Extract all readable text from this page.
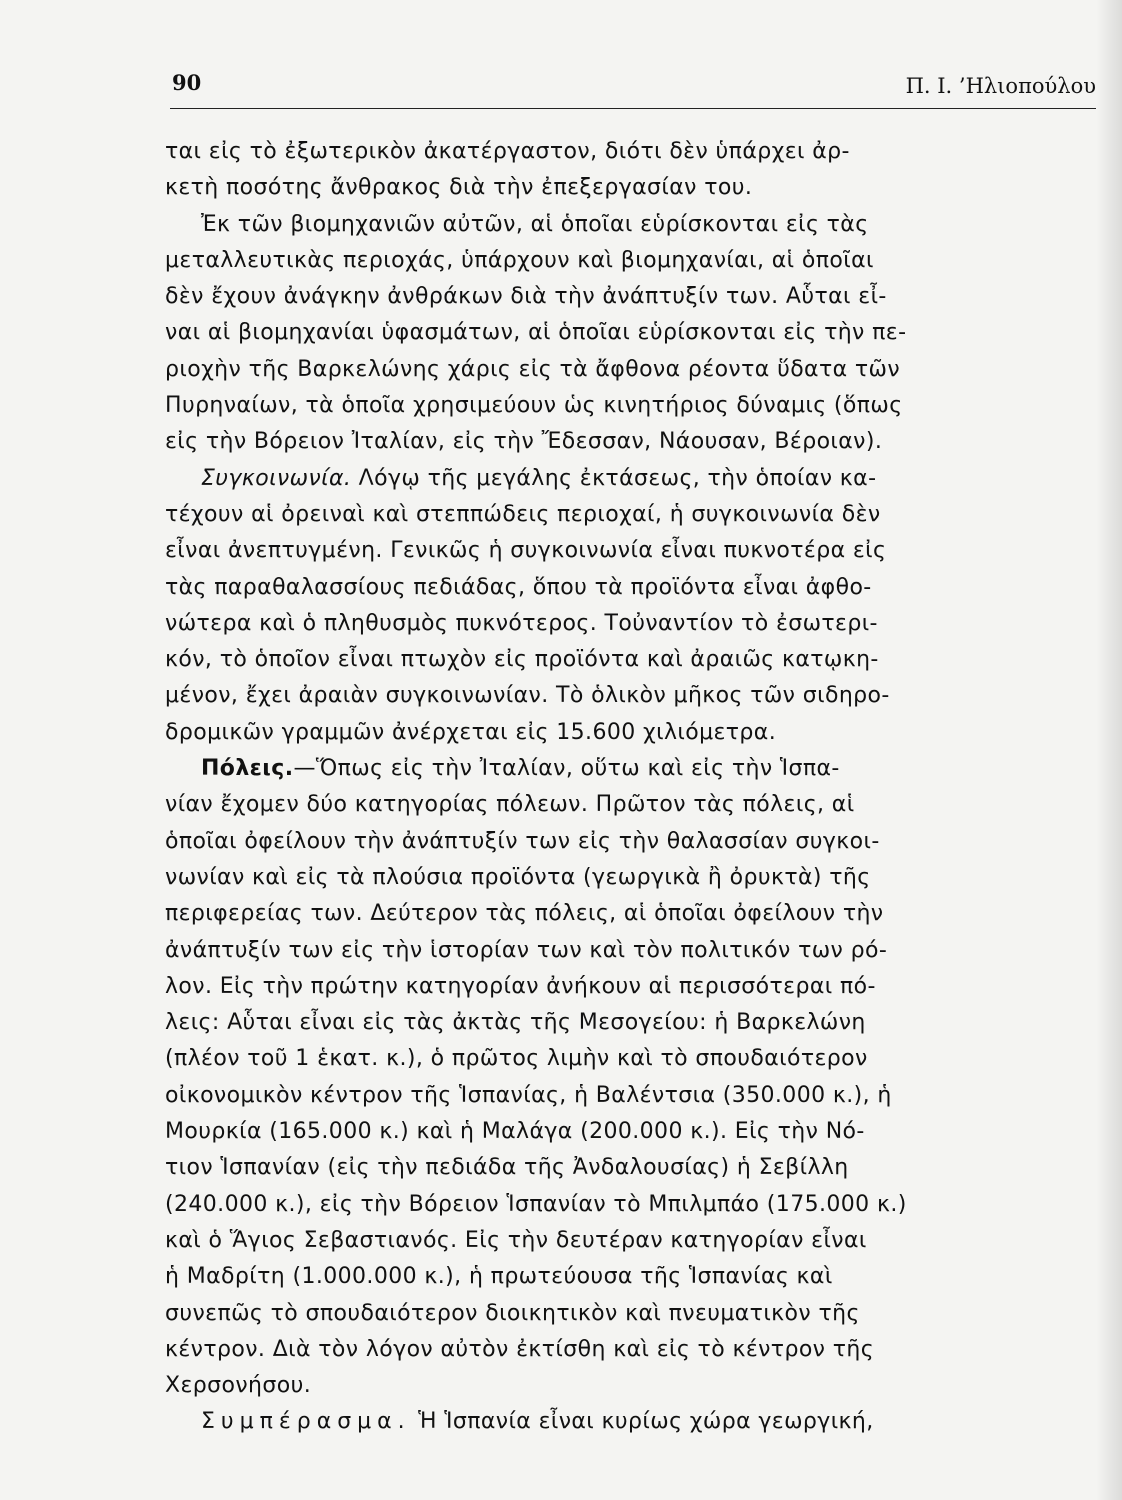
90	Π. Ι. ’Ηλιοπούλου
ται εἰς τὸ ἐξωτερικὸν ἀκατέργαστον, διότι δὲν ὑπάρχει ἀρ-
κετὴ ποσότης ἄνθρακος διὰ τὴν ἐπεξεργασίαν του.
Ἐκ τῶν βιομηχανιῶν αὐτῶν, αἱ ὁποῖαι εὑρίσκονται εἰς τὰς
μεταλλευτικὰς περιοχάς, ὑπάρχουν καὶ βιομηχανίαι, αἱ ὁποῖαι
δὲν ἔχουν ἀνάγκην ἀνθράκων διὰ τὴν ἀνάπτυξίν των. Αὗται εἶ-
ναι αἱ βιομηχανίαι ὑφασμάτων, αἱ ὁποῖαι εὑρίσκονται εἰς τὴν πε-
ριοχὴν τῆς Βαρκελώνης χάρις εἰς τὰ ἄφθονα ρέοντα ὕδατα τῶν
Πυρηναίων, τὰ ὁποῖα χρησιμεύουν ὡς κινητήριος δύναμις (ὅπως
εἰς τὴν Βόρειον Ἰταλίαν, εἰς τὴν Ἔδεσσαν, Νάουσαν, Βέροιαν).
Συγκοινωνία. Λόγῳ τῆς μεγάλης ἐκτάσεως, τὴν ὁποίαν κα-
τέχουν αἱ ὀρειναὶ καὶ στεππώδεις περιοχαί, ἡ συγκοινωνία δὲν
εἶναι ἀνεπτυγμένη. Γενικῶς ἡ συγκοινωνία εἶναι πυκνοτέρα εἰς
τὰς παραθαλασσίους πεδιάδας, ὅπου τὰ προϊόντα εἶναι ἀφθο-
νώτερα καὶ ὁ πληθυσμὸς πυκνότερος. Τοὐναντίον τὸ ἐσωτερι-
κόν, τὸ ὁποῖον εἶναι πτωχὸν εἰς προϊόντα καὶ ἀραιῶς κατῳκη-
μένον, ἔχει ἀραιὰν συγκοινωνίαν. Τὸ ὁλικὸν μῆκος τῶν σιδηρο-
δρομικῶν γραμμῶν ἀνέρχεται εἰς 15.600 χιλιόμετρα.
Πόλεις.—Ὅπως εἰς τὴν Ἰταλίαν, οὕτω καὶ εἰς τὴν Ἱσπα-
νίαν ἔχομεν δύο κατηγορίας πόλεων. Πρῶτον τὰς πόλεις, αἱ
ὁποῖαι ὀφείλουν τὴν ἀνάπτυξίν των εἰς τὴν θαλασσίαν συγκοι-
νωνίαν καὶ εἰς τὰ πλούσια προϊόντα (γεωργικὰ ἢ ὀρυκτὰ) τῆς
περιφερείας των. Δεύτερον τὰς πόλεις, αἱ ὁποῖαι ὀφείλουν τὴν
ἀνάπτυξίν των εἰς τὴν ἱστορίαν των καὶ τὸν πολιτικόν των ρό-
λον. Εἰς τὴν πρώτην κατηγορίαν ἀνήκουν αἱ περισσότεραι πό-
λεις: Αὗται εἶναι εἰς τὰς ἀκτὰς τῆς Μεσογείου: ἡ Βαρκελώνη
(πλέον τοῦ 1 ἑκατ. κ.), ὁ πρῶτος λιμὴν καὶ τὸ σπουδαιότερον
οἰκονομικὸν κέντρον τῆς Ἱσπανίας, ἡ Βαλέντσια (350.000 κ.), ἡ
Μουρκία (165.000 κ.) καὶ ἡ Μαλάγα (200.000 κ.). Εἰς τὴν Νό-
τιον Ἱσπανίαν (εἰς τὴν πεδιάδα τῆς Ἀνδαλουσίας) ἡ Σεβίλλη
(240.000 κ.), εἰς τὴν Βόρειον Ἱσπανίαν τὸ Μπιλμπάο (175.000 κ.)
καὶ ὁ Ἅγιος Σεβαστιανός. Εἰς τὴν δευτέραν κατηγορίαν εἶναι
ἡ Μαδρίτη (1.000.000 κ.), ἡ πρωτεύουσα τῆς Ἱσπανίας καὶ
συνεπῶς τὸ σπουδαιότερον διοικητικὸν καὶ πνευματικὸν τῆς
κέντρον. Διὰ τὸν λόγον αὐτὸν ἐκτίσθη καὶ εἰς τὸ κέντρον τῆς
Χερσονήσου.
Συμπέρασμα. Ἡ Ἱσπανία εἶναι κυρίως χώρα γεωργική,
